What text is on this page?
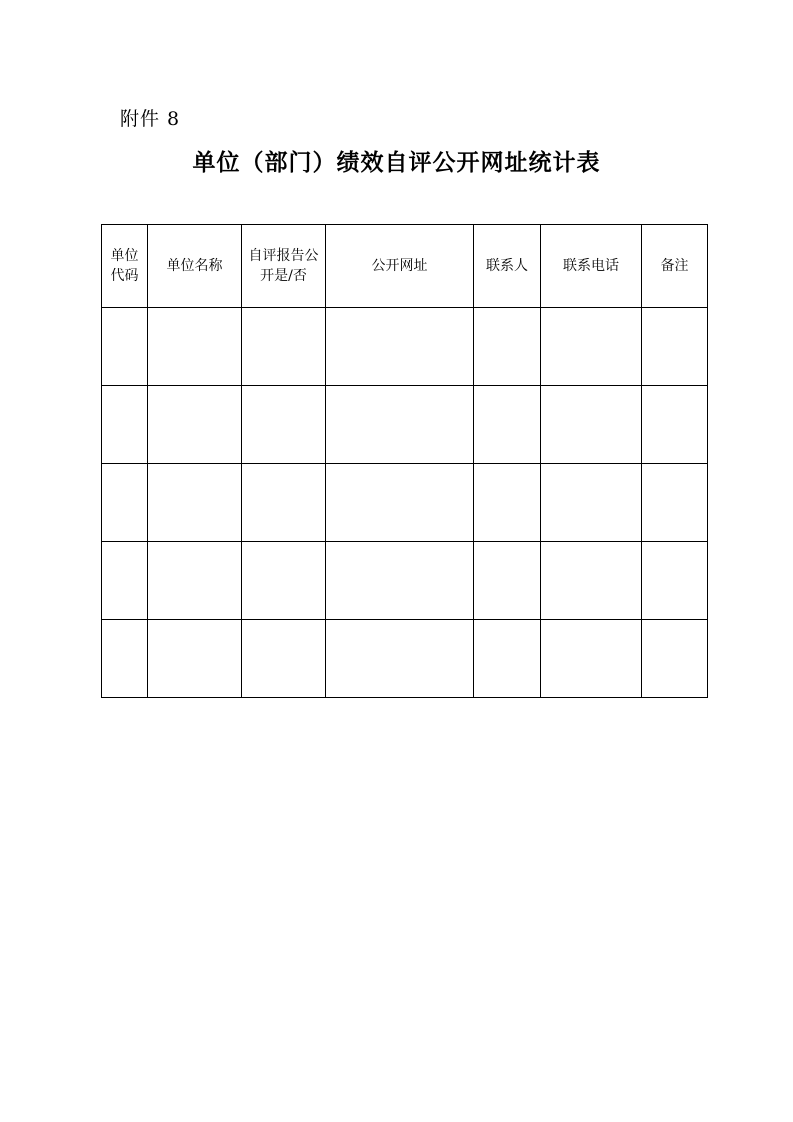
附件 8
单位（部门）绩效自评公开网址统计表
单位代码	单位名称	自评报告公开是/否	公开网址	联系人	联系电话	备注
